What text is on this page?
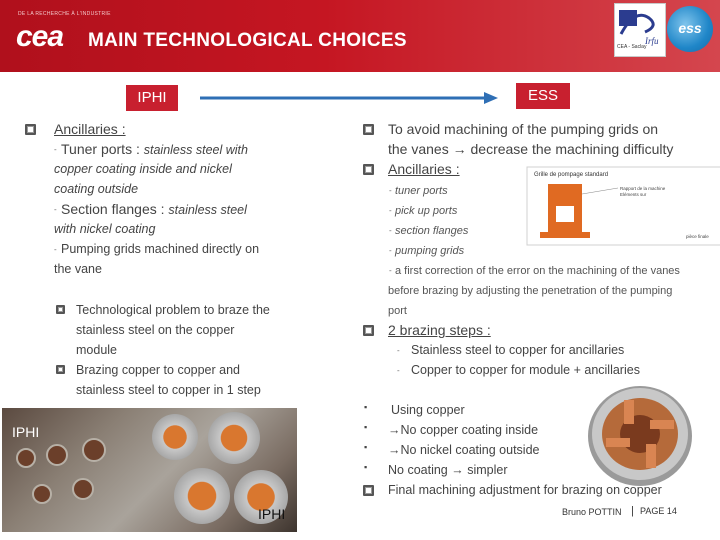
DE LA RECHERCHE À L'INDUSTRIE
cea MAIN TECHNOLOGICAL CHOICES	Irfu
CEA - Saclay
ess
IPHI	ESS
Ancillaries :
- Tuner ports : stainless steel with
copper coating inside and nickel
coating outside
- Section flanges : stainless steel
with nickel coating
- Pumping grids machined directly on
the vane
Technological problem to braze the
stainless steel on the copper
module
Brazing copper to copper and
stainless steel to copper in 1 step
IPHI
IPHI
To avoid machining of the pumping grids on
the vanes → decrease the machining difficulty
Ancillaries :
- tuner ports
- pick up ports
- section flanges
- pumping grids
- a first correction of the error on the machining of the vanes
before brazing by adjusting the penetration of the pumping
port
Grille de pompage standard
Rapport de la machine
Eléments sur
pièce finale
2 brazing steps :
- Stainless steel to copper for ancillaries
- Copper to copper for module + ancillaries
▪ Using copper
▪ →No copper coating inside
▪ →No nickel coating outside
▪ No coating → simpler
Final machining adjustment for brazing on copper
Bruno POTTIN | PAGE 14
